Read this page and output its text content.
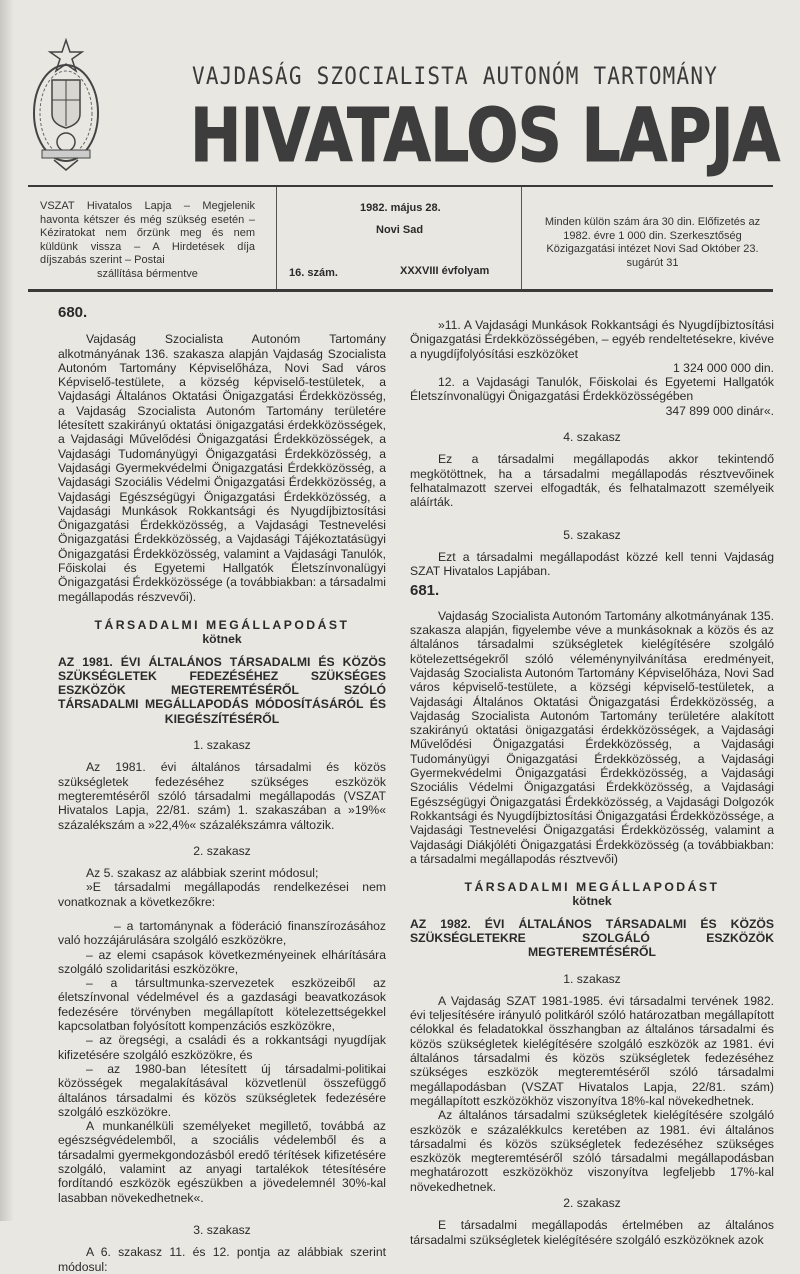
VAJDASÁG SZOCIALISTA AUTONÓM TARTOMÁNY
HIVATALOS LAPJA
VSZAT Hivatalos Lapja – Megjelenik havonta kétszer és még szükség esetén – Kéziratokat nem őrzünk meg és nem küldünk vissza – A Hirdetések díja díjszabás szerint – Postai
szállítása bérmentve
1982. május 28.
Novi Sad
16. szám.	XXXVIII évfolyam
Minden külön szám ára 30 din. Előfizetés az 1982. évre 1 000 din. Szerkesztőség Közigazgatási intézet Novi Sad Október 23. sugárút 31
680.

Vajdaság Szocialista Autonóm Tartomány alkotmányának 136. szakasza alapján Vajdaság Szocialista Autonóm Tartomány Képviselőháza, Novi Sad város Képviselő-testülete, a község képviselő-testületek, a Vajdasági Általános Oktatási Önigazgatási Érdekközösség, a Vajdaság Szocialista Autonóm Tartomány területére létesített szakirányú oktatási önigazgatási érdekközösségek, a Vajdasági Művelődési Önigazgatási Érdekközösségek, a Vajdasági Tudományügyi Önigazgatási Érdekközösség, a Vajdasági Gyermekvédelmi Önigazgatási Érdekközösség, a Vajdasági Szociális Védelmi Önigazgatási Érdekközösség, a Vajdasági Egészségügyi Önigazgatási Érdekközösség, a Vajdasági Munkások Rokkantsági és Nyugdíjbiztosítási Önigazgatási Érdekközösség, a Vajdasági Testnevelési Önigazgatási Érdekközösség, a Vajdasági Tájékoztatásügyi Önigazgatási Érdekközösség, valamint a Vajdasági Tanulók, Főiskolai és Egyetemi Hallgatók Életszínvonalügyi Önigazgatási Érdekközössége (a továbbiakban: a társadalmi megállapodás részvevői).

TÁRSADALMI MEGÁLLAPODÁST

kötnek

AZ 1981. ÉVI ÁLTALÁNOS TÁRSADALMI ÉS KÖZÖS SZÜKSÉGLETEK FEDEZÉSÉHEZ SZÜKSÉGES ESZKÖZÖK MEGTEREMTÉSÉRŐL SZÓLÓ TÁRSADALMI MEGÁLLAPODÁS MÓDOSÍTÁSÁRÓL ÉS KIEGÉSZÍTÉSÉRŐL

1. szakasz

Az 1981. évi általános társadalmi és közös szükségletek fedezéséhez szükséges eszközök megteremtéséről szóló társadalmi megállapodás (VSZAT Hivatalos Lapja, 22/81. szám) 1. szakaszában a »19%« százalékszám a »22,4%« százalékszámra változik.

2. szakasz

Az 5. szakasz az alábbiak szerint módosul;

»E társadalmi megállapodás rendelkezései nem vonatkoznak a következőkre:

– a tartománynak a föderáció finanszírozásához való hozzájárulására szolgáló eszközökre,

– az elemi csapások következményeinek elhárítására szolgáló szolidaritási eszközökre,

– a társultmunka-szervezetek eszközeiből az életszínvonal védelmével és a gazdasági beavatkozások fedezésére törvényben megállapított kötelezettségekkel kapcsolatban folyósított kompenzációs eszközökre,

– az öregségi, a családi és a rokkantsági nyugdíjak kifizetésére szolgáló eszközökre, és

– az 1980-ban létesített új társadalmi-politikai közösségek megalakításával közvetlenül összefüggő általános társadalmi és közös szükségletek fedezésére szolgáló eszközökre.

A munkanélküli személyeket megillető, továbbá az egészségvédelemből, a szociális védelemből és a társadalmi gyermekgondozásból eredő térítések kifizetésére szolgáló, valamint az anyagi tartalékok tétesítésére fordítandó eszközök egészükben a jövedelemnél 30%-kal lasabban növekedhetnek«.

3. szakasz

A 6. szakasz 11. és 12. pontja az alábbiak szerint módosul:

»11. A Vajdasági Munkások Rokkantsági és Nyugdíjbiztosítási Önigazgatási Érdekközösségében, – egyéb rendeltetésekre, kivéve a nyugdíjfolyósítási eszközöket

1 324 000 000 din.

12. a Vajdasági Tanulók, Főiskolai és Egyetemi Hallgatók Életszínvonalügyi Önigazgatási Érdekközösségében

347 899 000 dinár«.

4. szakasz

Ez a társadalmi megállapodás akkor tekintendő megkötöttnek, ha a társadalmi megállapodás résztvevőinek felhatalmazott szervei elfogadták, és felhatalmazott személyeik aláírták.

5. szakasz

Ezt a társadalmi megállapodást közzé kell tenni Vajdaság SZAT Hivatalos Lapjában.

681.

Vajdaság Szocialista Autonóm Tartomány alkotmányának 135. szakasza alapján, figyelembe véve a munkásoknak a közös és az általános társadalmi szükségletek kielégítésére szolgáló kötelezettségekről szóló véleménynyilvánítása eredményeit, Vajdaság Szocialista Autonóm Tartomány Képviselőháza, Novi Sad város képviselő-testülete, a községi képviselő-testületek, a Vajdasági Általános Oktatási Önigazgatási Érdekközösség, a Vajdaság Szocialista Autonóm Tartomány területére alakított szakirányú oktatási önigazgatási érdekközösségek, a Vajdasági Művelődési Önigazgatási Érdekközösség, a Vajdasági Tudományügyi Önigazgatási Érdekközösség, a Vajdasági Gyermekvédelmi Önigazgatási Érdekközösség, a Vajdasági Szociális Védelmi Önigazgatási Érdekközösség, a Vajdasági Egészségügyi Önigazgatási Érdekközösség, a Vajdasági Dolgozók Rokkantsági és Nyugdíjbiztosítási Önigazgatási Érdekközössége, a Vajdasági Testnevelési Önigazgatási Érdekközösség, valamint a Vajdasági Diákjóléti Önigazgatási Érdekközösség (a továbbiakban: a társadalmi megállapodás résztvevői)

TÁRSADALMI MEGÁLLAPODÁST

kötnek

AZ 1982. ÉVI ÁLTALÁNOS TÁRSADALMI ÉS KÖZÖS SZÜKSÉGLETEKRE SZOLGÁLÓ ESZKÖZÖK MEGTEREMTÉSÉRŐL

1. szakasz

A Vajdaság SZAT 1981-1985. évi társadalmi tervének 1982. évi teljesítésére irányuló politkáról szóló határozatban megállapított célokkal és feladatokkal összhangban az általános társadalmi és közös szükségletek kielégítésére szolgáló eszközök az 1981. évi általános társadalmi és közös szükségletek fedezéséhez szükséges eszközök megteremtéséről szóló társadalmi megállapodásban (VSZAT Hivatalos Lapja, 22/81. szám) megállapított eszközökhöz viszonyítva 18%-kal növekedhetnek.

Az általános társadalmi szükségletek kielégítésére szolgáló eszközök e százalékkulcs keretében az 1981. évi általános társadalmi és közös szükségletek fedezéséhez szükséges eszközök megteremtéséről szóló társadalmi megállapodásban meghatározott eszközökhöz viszonyítva legfeljebb 17%-kal növekedhetnek.

2. szakasz

E társadalmi megállapodás értelmében az általános társadalmi szükségletek kielégítésére szolgáló eszközöknek azok
